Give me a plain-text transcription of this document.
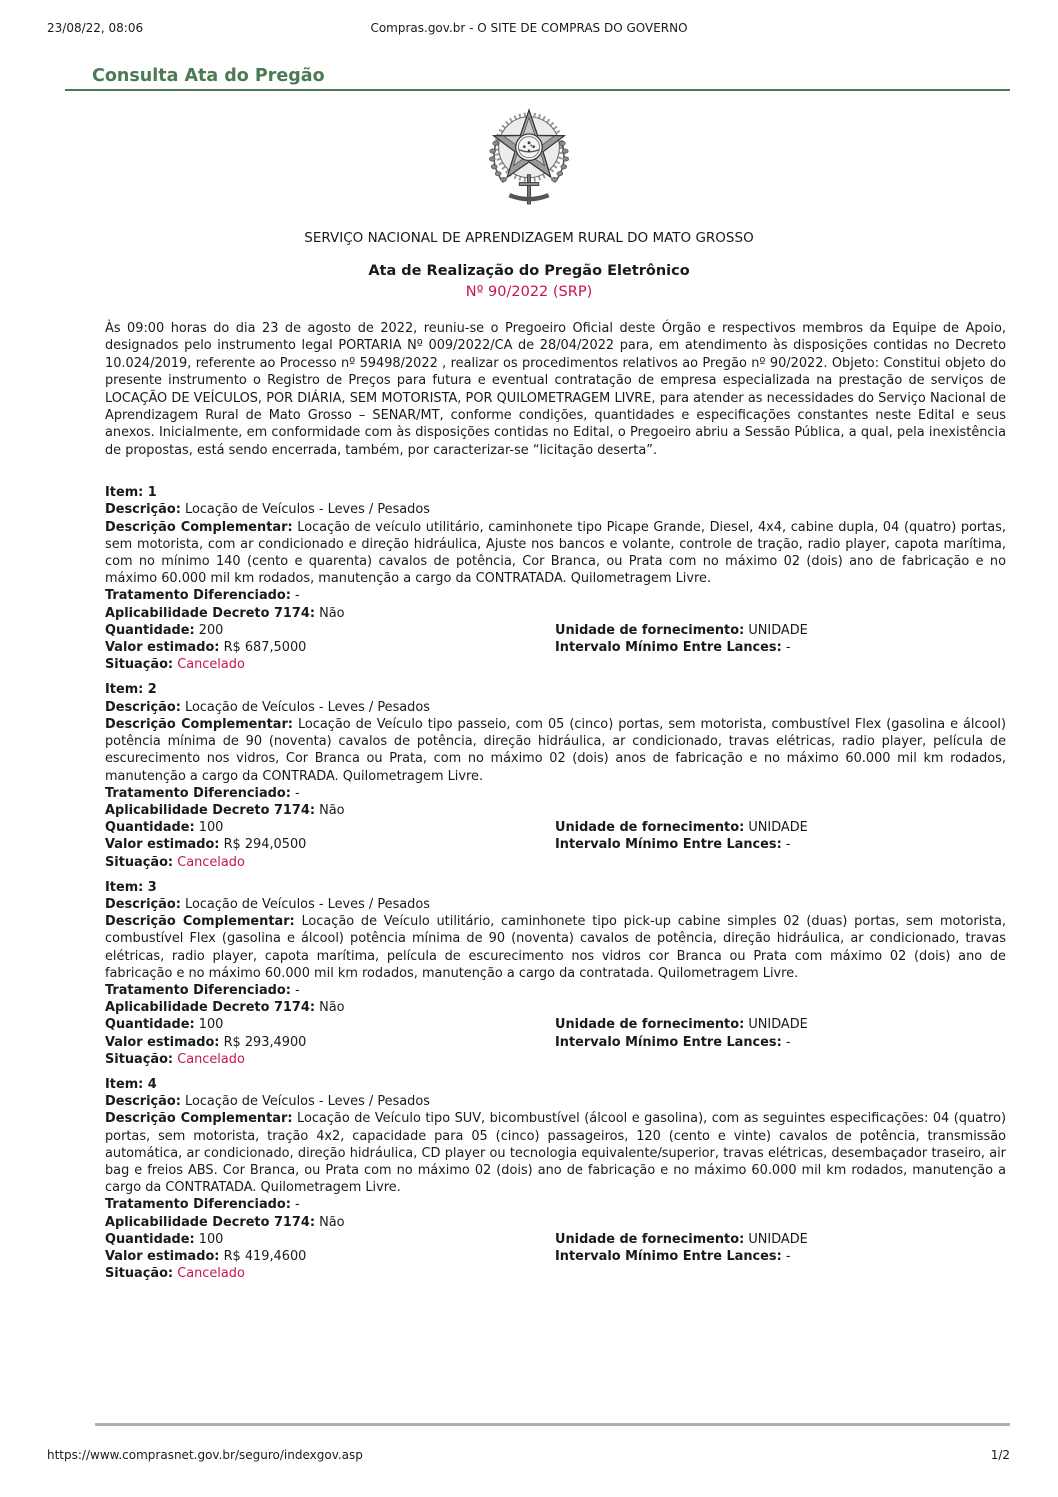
23/08/22, 08:06	Compras.gov.br - O SITE DE COMPRAS DO GOVERNO
Consulta Ata do Pregão
SERVIÇO NACIONAL DE APRENDIZAGEM RURAL DO MATO GROSSO
Ata de Realização do Pregão Eletrônico
Nº 90/2022 (SRP)

Às 09:00 horas do dia 23 de agosto de 2022, reuniu-se o Pregoeiro Oficial deste Órgão e respectivos membros da Equipe de Apoio, designados pelo instrumento legal PORTARIA Nº 009/2022/CA de 28/04/2022 para, em atendimento às disposições contidas no Decreto 10.024/2019, referente ao Processo nº 59498/2022 , realizar os procedimentos relativos ao Pregão nº 90/2022. Objeto: Constitui objeto do presente instrumento o Registro de Preços para futura e eventual contratação de empresa especializada na prestação de serviços de LOCAÇÃO DE VEÍCULOS, POR DIÁRIA, SEM MOTORISTA, POR QUILOMETRAGEM LIVRE, para atender as necessidades do Serviço Nacional de Aprendizagem Rural de Mato Grosso – SENAR/MT, conforme condições, quantidades e especificações constantes neste Edital e seus anexos. Inicialmente, em conformidade com às disposições contidas no Edital, o Pregoeiro abriu a Sessão Pública, a qual, pela inexistência de propostas, está sendo encerrada, também, por caracterizar-se “licitação deserta”.

Item: 1
Descrição: Locação de Veículos - Leves / Pesados
Descrição Complementar: Locação de veículo utilitário, caminhonete tipo Picape Grande, Diesel, 4x4, cabine dupla, 04 (quatro) portas, sem motorista, com ar condicionado e direção hidráulica, Ajuste nos bancos e volante, controle de tração, radio player, capota marítima, com no mínimo 140 (cento e quarenta) cavalos de potência, Cor Branca, ou Prata com no máximo 02 (dois) ano de fabricação e no máximo 60.000 mil km rodados, manutenção a cargo da CONTRATADA. Quilometragem Livre.
Tratamento Diferenciado: -
Aplicabilidade Decreto 7174: Não
Quantidade: 200	Unidade de fornecimento: UNIDADE
Valor estimado: R$ 687,5000	Intervalo Mínimo Entre Lances: -
Situação: Cancelado
Item: 2
Descrição: Locação de Veículos - Leves / Pesados
Descrição Complementar: Locação de Veículo tipo passeio, com 05 (cinco) portas, sem motorista, combustível Flex (gasolina e álcool) potência mínima de 90 (noventa) cavalos de potência, direção hidráulica, ar condicionado, travas elétricas, radio player, película de escurecimento nos vidros, Cor Branca ou Prata, com no máximo 02 (dois) anos de fabricação e no máximo 60.000 mil km rodados, manutenção a cargo da CONTRADA. Quilometragem Livre.
Tratamento Diferenciado: -
Aplicabilidade Decreto 7174: Não
Quantidade: 100	Unidade de fornecimento: UNIDADE
Valor estimado: R$ 294,0500	Intervalo Mínimo Entre Lances: -
Situação: Cancelado
Item: 3
Descrição: Locação de Veículos - Leves / Pesados
Descrição Complementar: Locação de Veículo utilitário, caminhonete tipo pick-up cabine simples 02 (duas) portas, sem motorista, combustível Flex (gasolina e álcool) potência mínima de 90 (noventa) cavalos de potência, direção hidráulica, ar condicionado, travas elétricas, radio player, capota marítima, película de escurecimento nos vidros cor Branca ou Prata com máximo 02 (dois) ano de fabricação e no máximo 60.000 mil km rodados, manutenção a cargo da contratada. Quilometragem Livre.
Tratamento Diferenciado: -
Aplicabilidade Decreto 7174: Não
Quantidade: 100	Unidade de fornecimento: UNIDADE
Valor estimado: R$ 293,4900	Intervalo Mínimo Entre Lances: -
Situação: Cancelado
Item: 4
Descrição: Locação de Veículos - Leves / Pesados
Descrição Complementar: Locação de Veículo tipo SUV, bicombustível (álcool e gasolina), com as seguintes especificações: 04 (quatro) portas, sem motorista, tração 4x2, capacidade para 05 (cinco) passageiros, 120 (cento e vinte) cavalos de potência, transmissão automática, ar condicionado, direção hidráulica, CD player ou tecnologia equivalente/superior, travas elétricas, desembaçador traseiro, air bag e freios ABS. Cor Branca, ou Prata com no máximo 02 (dois) ano de fabricação e no máximo 60.000 mil km rodados, manutenção a cargo da CONTRATADA. Quilometragem Livre.
Tratamento Diferenciado: -
Aplicabilidade Decreto 7174: Não
Quantidade: 100	Unidade de fornecimento: UNIDADE
Valor estimado: R$ 419,4600	Intervalo Mínimo Entre Lances: -
Situação: Cancelado
https://www.comprasnet.gov.br/seguro/indexgov.asp	1/2
